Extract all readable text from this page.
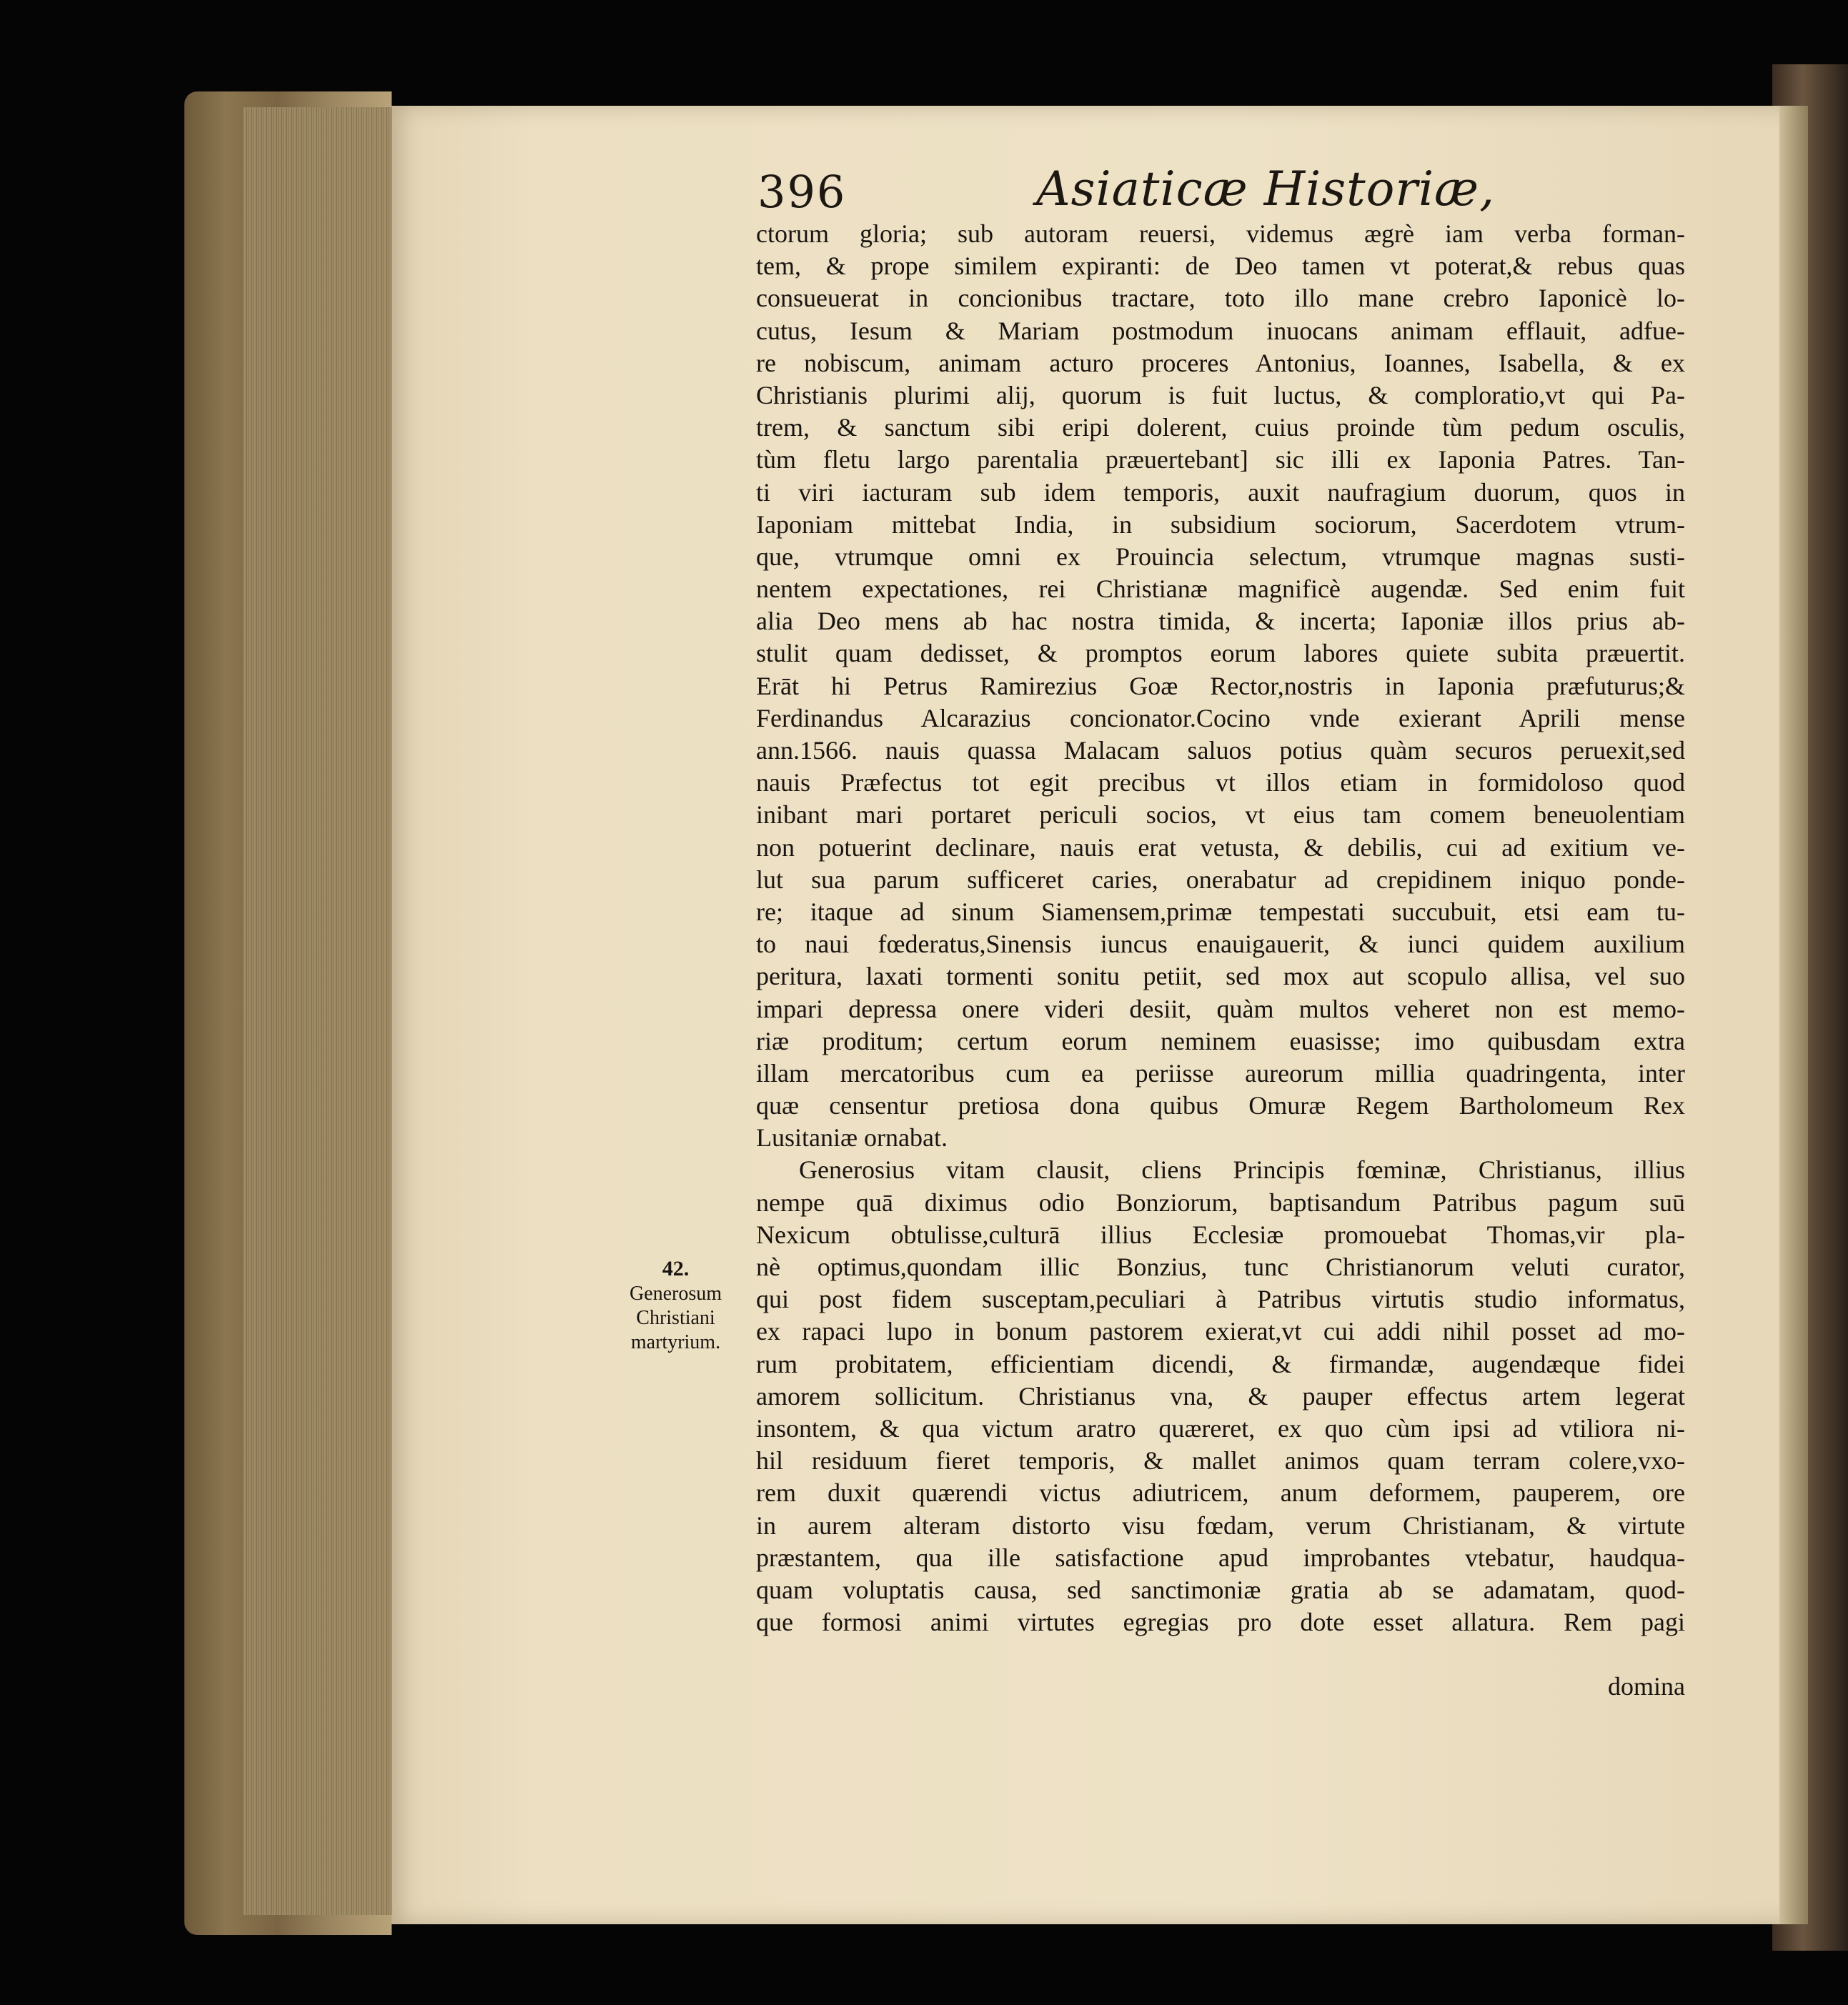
396	Asiaticæ Historiæ,
ctorum gloria; sub autoram reuersi, videmus ægrè iam verba forman-
tem, & prope similem expiranti: de Deo tamen vt poterat,& rebus quas
consueuerat in concionibus tractare, toto illo mane crebro Iaponicè lo-
cutus, Iesum & Mariam postmodum inuocans animam efflauit, adfue-
re nobiscum, animam acturo proceres Antonius, Ioannes, Isabella, & ex
Christianis plurimi alij, quorum is fuit luctus, & comploratio,vt qui Pa-
trem, & sanctum sibi eripi dolerent, cuius proinde tùm pedum osculis,
tùm fletu largo parentalia præuertebant] sic illi ex Iaponia Patres. Tan-
ti viri iacturam sub idem temporis, auxit naufragium duorum, quos in
Iaponiam mittebat India, in subsidium sociorum, Sacerdotem vtrum-
que, vtrumque omni ex Prouincia selectum, vtrumque magnas susti-
nentem expectationes, rei Christianæ magnificè augendæ. Sed enim fuit
alia Deo mens ab hac nostra timida, & incerta; Iaponiæ illos prius ab-
stulit quam dedisset, & promptos eorum labores quiete subita præuertit.
Erāt hi Petrus Ramirezius Goæ Rector,nostris in Iaponia præfuturus;&
Ferdinandus Alcarazius concionator.Cocino vnde exierant Aprili mense
ann.1566. nauis quassa Malacam saluos potius quàm securos peruexit,sed
nauis Præfectus tot egit precibus vt illos etiam in formidoloso quod
inibant mari portaret periculi socios, vt eius tam comem beneuolentiam
non potuerint declinare, nauis erat vetusta, & debilis, cui ad exitium ve-
lut sua parum sufficeret caries, onerabatur ad crepidinem iniquo ponde-
re; itaque ad sinum Siamensem,primæ tempestati succubuit, etsi eam tu-
to naui fœderatus,Sinensis iuncus enauigauerit, & iunci quidem auxilium
peritura, laxati tormenti sonitu petiit, sed mox aut scopulo allisa, vel suo
impari depressa onere videri desiit, quàm multos veheret non est memo-
riæ proditum; certum eorum neminem euasisse; imo quibusdam extra
illam mercatoribus cum ea periisse aureorum millia quadringenta, inter
quæ censentur pretiosa dona quibus Omuræ Regem Bartholomeum Rex
Lusitaniæ ornabat.
Generosius vitam clausit, cliens Principis fœminæ, Christianus, illius
nempe quā diximus odio Bonziorum, baptisandum Patribus pagum suū
Nexicum obtulisse,culturā illius Ecclesiæ promouebat Thomas,vir pla-
nè optimus,quondam illic Bonzius, tunc Christianorum veluti curator,
qui post fidem susceptam,peculiari à Patribus virtutis studio informatus,
ex rapaci lupo in bonum pastorem exierat,vt cui addi nihil posset ad mo-
rum probitatem, efficientiam dicendi, & firmandæ, augendæque fidei
amorem sollicitum. Christianus vna, & pauper effectus artem legerat
insontem, & qua victum aratro quæreret, ex quo cùm ipsi ad vtiliora ni-
hil residuum fieret temporis, & mallet animos quam terram colere,vxo-
rem duxit quærendi victus adiutricem, anum deformem, pauperem, ore
in aurem alteram distorto visu fœdam, verum Christianam, & virtute
præstantem, qua ille satisfactione apud improbantes vtebatur, haudqua-
quam voluptatis causa, sed sanctimoniæ gratia ab se adamatam, quod-
que formosi animi virtutes egregias pro dote esset allatura. Rem pagi
domina
42.
Generosum
Christiani
martyrium.
